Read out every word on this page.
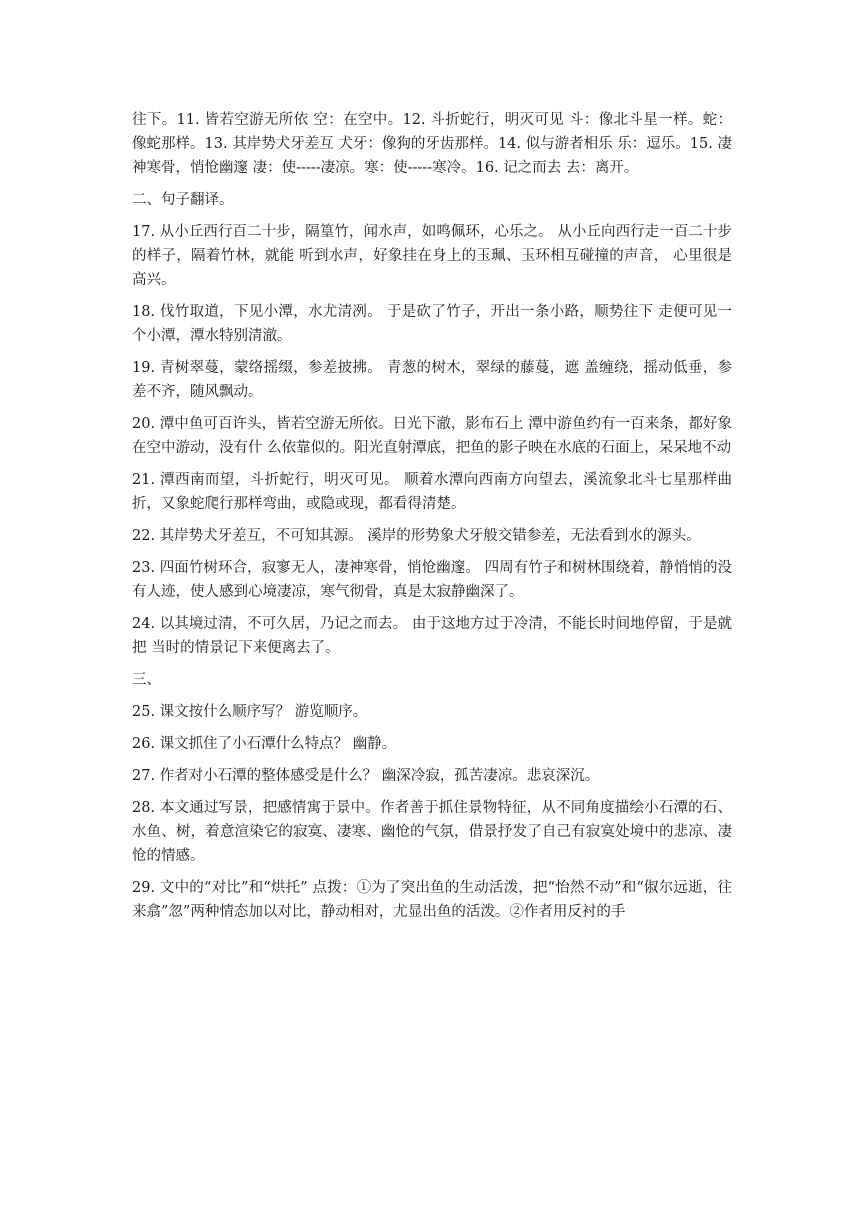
往下。11. 皆若空游无所依 空：在空中。12. 斗折蛇行，明灭可见 斗：像北斗星一样。蛇：像蛇那样。13. 其岸势犬牙差互 犬牙：像狗的牙齿那样。14. 似与游者相乐 乐：逗乐。15. 凄神寒骨，悄怆幽邃 凄：使-----凄凉。寒：使-----寒冷。16. 记之而去 去：离开。

二、句子翻译。

17. 从小丘西行百二十步，隔篁竹，闻水声，如鸣佩环，心乐之。 从小丘向西行走一百二十步的样子，隔着竹林，就能 听到水声，好象挂在身上的玉珮、玉环相互碰撞的声音， 心里很是高兴。

18. 伐竹取道，下见小潭，水尤清冽。 于是砍了竹子，开出一条小路，顺势往下 走便可见一个小潭，潭水特别清澈。

19. 青树翠蔓，蒙络摇缀，参差披拂。 青葱的树木，翠绿的藤蔓，遮 盖缠绕，摇动低垂，参差不齐，随风飘动。

20. 潭中鱼可百许头，皆若空游无所依。日光下澈，影布石上 潭中游鱼约有一百来条，都好象在空中游动，没有什 么依靠似的。阳光直射潭底，把鱼的影子映在水底的石面上，呆呆地不动

21. 潭西南而望，斗折蛇行，明灭可见。 顺着水潭向西南方向望去，溪流象北斗七星那样曲 折，又象蛇爬行那样弯曲，或隐或现，都看得清楚。

22. 其岸势犬牙差互，不可知其源。 溪岸的形势象犬牙般交错参差，无法看到水的源头。

23. 四面竹树环合，寂寥无人，凄神寒骨，悄怆幽邃。 四周有竹子和树林围绕着，静悄悄的没 有人迹，使人感到心境凄凉，寒气彻骨，真是太寂静幽深了。

24. 以其境过清，不可久居，乃记之而去。 由于这地方过于冷清，不能长时间地停留，于是就把 当时的情景记下来便离去了。

三、

25. 课文按什么顺序写？ 游览顺序。

26. 课文抓住了小石潭什么特点？ 幽静。

27. 作者对小石潭的整体感受是什么？ 幽深冷寂，孤苦凄凉。悲哀深沉。

28. 本文通过写景，把感情寓于景中。作者善于抓住景物特征，从不同角度描绘小石潭的石、水鱼、树，着意渲染它的寂寞、凄寒、幽怆的气氛，借景抒发了自己有寂寞处境中的悲凉、凄怆的情感。

29. 文中的“对比”和“烘托” 点拨：①为了突出鱼的生动活泼，把“怡然不动”和“俶尔远逝，往来翕”忽”两种情态加以对比，静动相对，尤显出鱼的活泼。②作者用反衬的手
